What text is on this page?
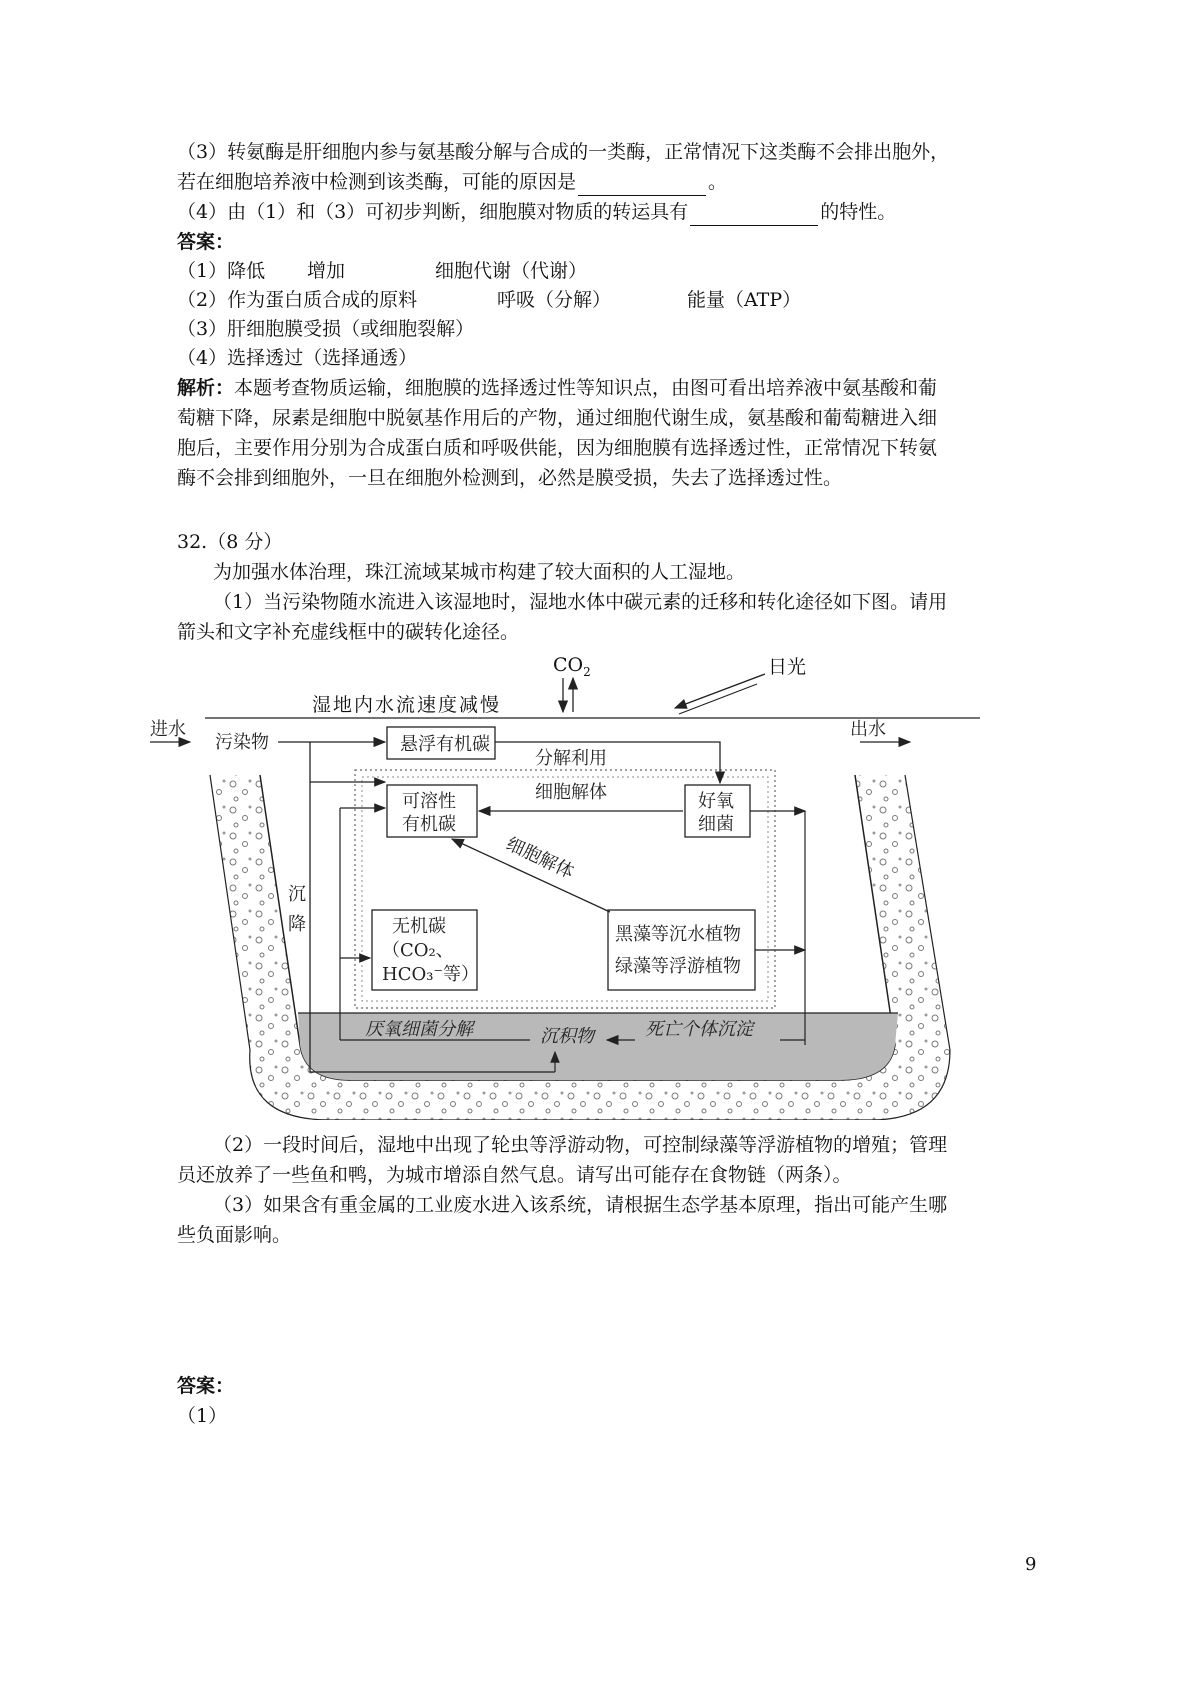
（3）转氨酶是肝细胞内参与氨基酸分解与合成的一类酶，正常情况下这类酶不会排出胞外，
若在细胞培养液中检测到该类酶，可能的原因是	。
（4）由（1）和（3）可初步判断，细胞膜对物质的转运具有	的特性。
答案：
（1）降低 增加	细胞代谢（代谢）
（2）作为蛋白质合成的原料	呼吸（分解）	能量（ATP）
（3）肝细胞膜受损（或细胞裂解）
（4）选择透过（选择通透）
解析：本题考查物质运输，细胞膜的选择透过性等知识点，由图可看出培养液中氨基酸和葡
萄糖下降，尿素是细胞中脱氨基作用后的产物，通过细胞代谢生成，氨基酸和葡萄糖进入细
胞后，主要作用分别为合成蛋白质和呼吸供能，因为细胞膜有选择透过性，正常情况下转氨
酶不会排到细胞外，一旦在细胞外检测到，必然是膜受损，失去了选择透过性。
32.（8 分）
为加强水体治理，珠江流域某城市构建了较大面积的人工湿地。
（1）当污染物随水流进入该湿地时，湿地水体中碳元素的迁移和转化途径如下图。请用
箭头和文字补充虚线框中的碳转化途径。
悬浮有机碳
可溶性
有机碳
好氧
细菌
无机碳
（CO₂、
HCO₃⁻等）
黑藻等沉水植物
绿藻等浮游植物
进水
污染物
出水
分解利用
细胞解体
细胞解体
沉
降
厌氧细菌分解	沉积物	死亡个体沉淀
$CO_2$	日光
湿地内水流速度减慢
（2）一段时间后，湿地中出现了轮虫等浮游动物，可控制绿藻等浮游植物的增殖；管理
员还放养了一些鱼和鸭，为城市增添自然气息。请写出可能存在食物链（两条）。
（3）如果含有重金属的工业废水进入该系统，请根据生态学基本原理，指出可能产生哪
些负面影响。
答案：
（1）
9
